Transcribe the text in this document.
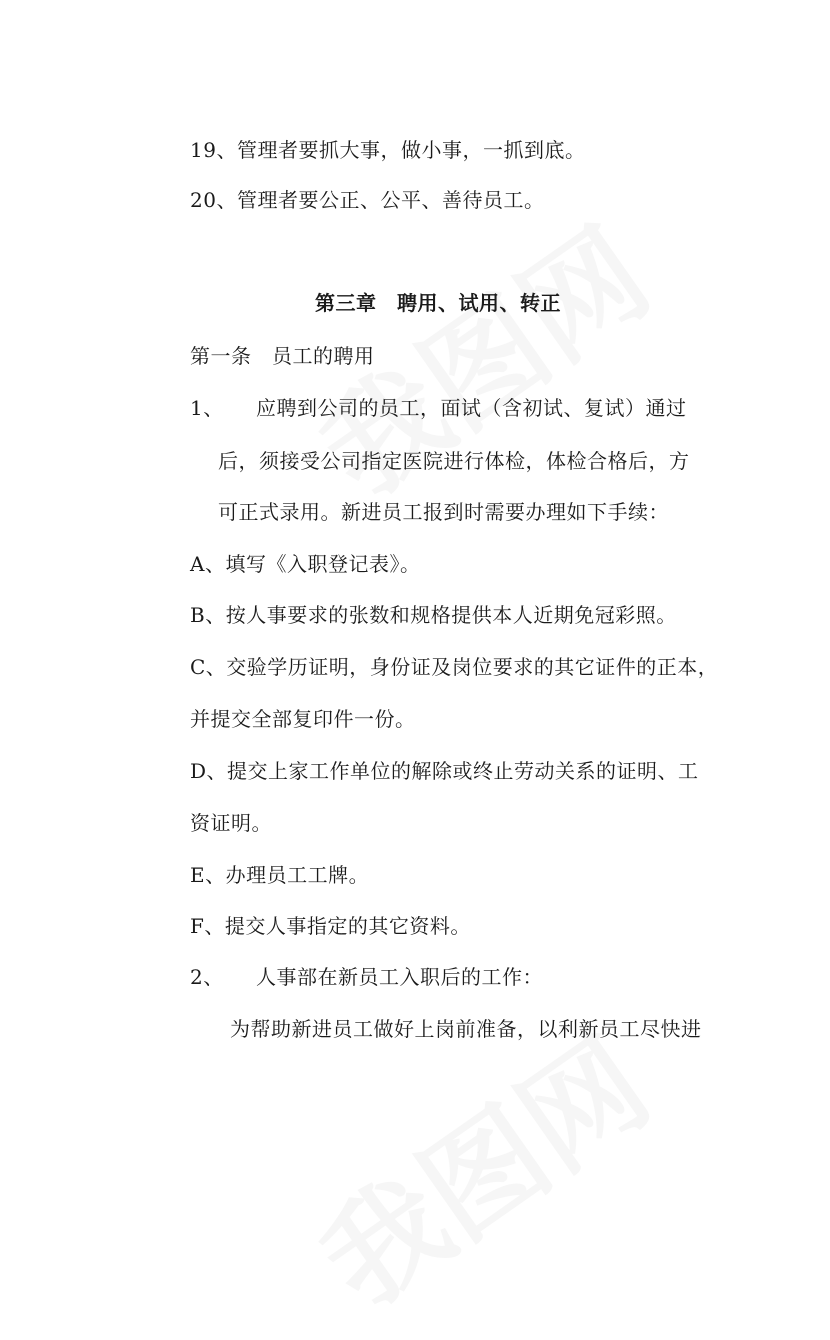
19、管理者要抓大事，做小事，一抓到底。
20、管理者要公正、公平、善待员工。
第三章　聘用、试用、转正
第一条　员工的聘用
1、 应聘到公司的员工，面试（含初试、复试）通过
后，须接受公司指定医院进行体检，体检合格后，方
可正式录用。新进员工报到时需要办理如下手续：
A、填写《入职登记表》。
B、按人事要求的张数和规格提供本人近期免冠彩照。
C、交验学历证明，身份证及岗位要求的其它证件的正本，
并提交全部复印件一份。
D、提交上家工作单位的解除或终止劳动关系的证明、工
资证明。
E、办理员工工牌。
F、提交人事指定的其它资料。
2、 人事部在新员工入职后的工作：
为帮助新进员工做好上岗前准备，以利新员工尽快进
